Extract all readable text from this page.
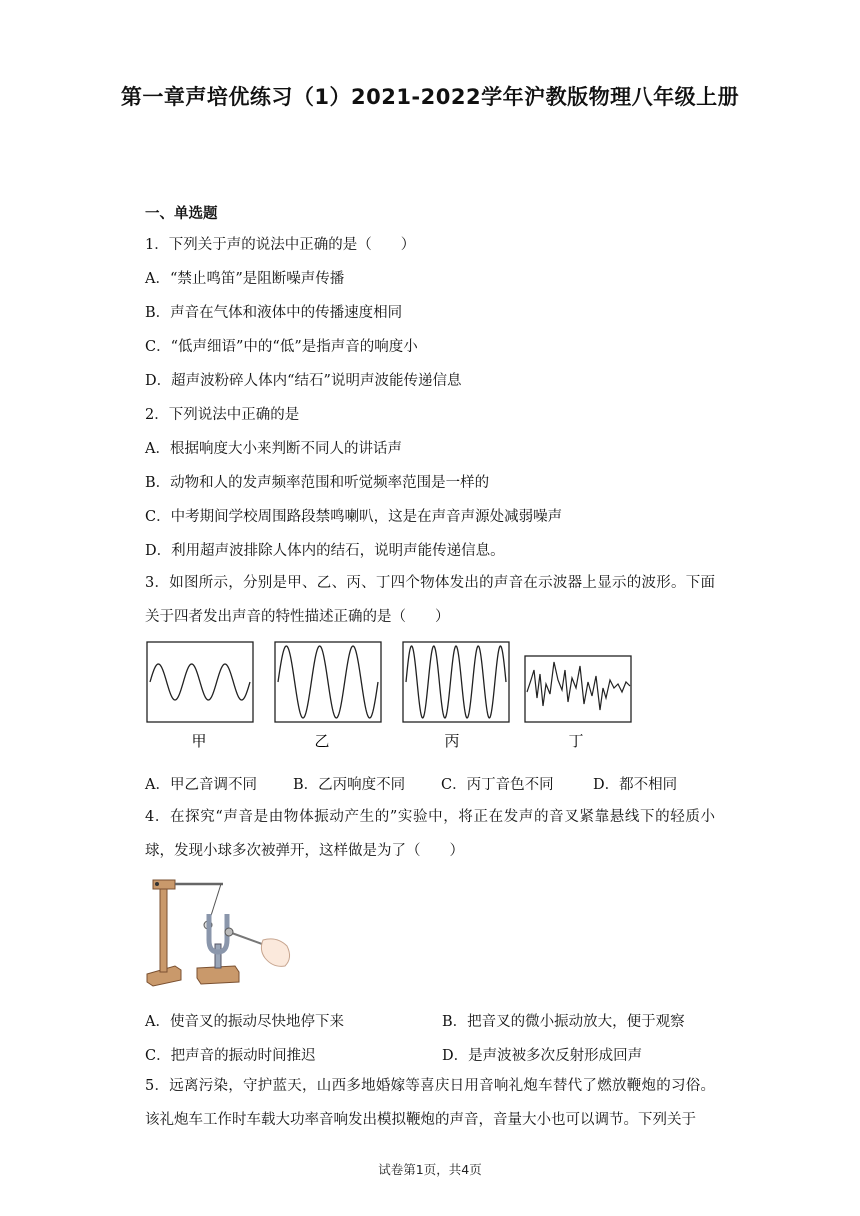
第一章声培优练习（1）2021-2022学年沪教版物理八年级上册
一、单选题
1．下列关于声的说法中正确的是（　　）
A．“禁止鸣笛”是阻断噪声传播
B．声音在气体和液体中的传播速度相同
C．“低声细语”中的“低”是指声音的响度小
D．超声波粉碎人体内“结石”说明声波能传递信息
2．下列说法中正确的是
A．根据响度大小来判断不同人的讲话声
B．动物和人的发声频率范围和听觉频率范围是一样的
C．中考期间学校周围路段禁鸣喇叭，这是在声音声源处减弱噪声
D．利用超声波排除人体内的结石，说明声能传递信息。
3．如图所示，分别是甲、乙、丙、丁四个物体发出的声音在示波器上显示的波形。下面关于四者发出声音的特性描述正确的是（　　）
甲	乙	丙	丁
A．甲乙音调不同 B．乙丙响度不同 C．丙丁音色不同	D．都不相同
4．在探究“声音是由物体振动产生的”实验中，将正在发声的音叉紧靠悬线下的轻质小球，发现小球多次被弹开，这样做是为了（　　）
A．使音叉的振动尽快地停下来	B．把音叉的微小振动放大，便于观察
C．把声音的振动时间推迟	D．是声波被多次反射形成回声
5．远离污染，守护蓝天，山西多地婚嫁等喜庆日用音响礼炮车替代了燃放鞭炮的习俗。该礼炮车工作时车载大功率音响发出模拟鞭炮的声音，音量大小也可以调节。下列关于
试卷第1页，共4页
